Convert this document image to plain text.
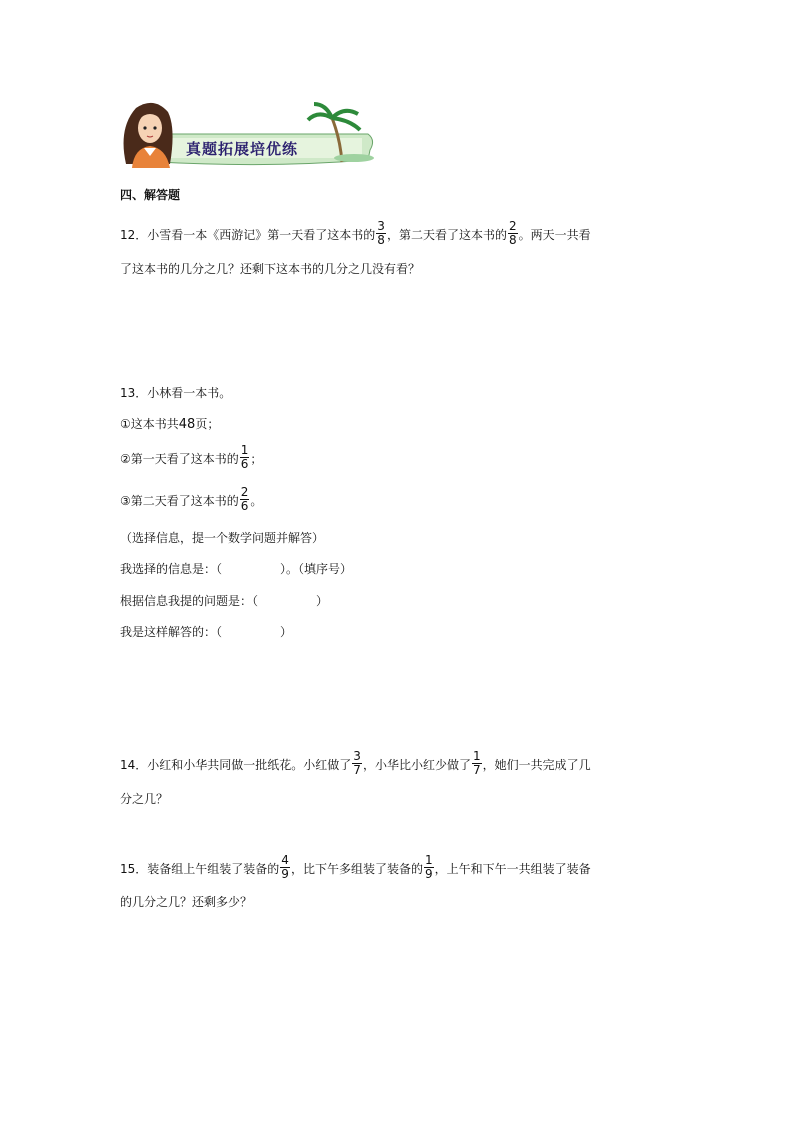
真题拓展培优练
四、解答题
12．小雪看一本《西游记》第一天看了这本书的 $\frac{3}{8}$ ，第二天看了这本书的 $\frac{2}{8}$ 。两天一共看
了这本书的几分之几？还剩下这本书的几分之几没有看？
13．小林看一本书。
①这本书共48页；
②第一天看了这本书的 $\frac{1}{6}$ ；
③第二天看了这本书的 $\frac{2}{6}$ 。
（选择信息，提一个数学问题并解答）
我选择的信息是：（	）。（填序号）
根据信息我提的问题是：（	）
我是这样解答的：（	）
14．小红和小华共同做一批纸花。小红做了 $\frac{3}{7}$ ，小华比小红少做了 $\frac{1}{7}$ ，她们一共完成了几
分之几？
15．装备组上午组装了装备的 $\frac{4}{9}$ ，比下午多组装了装备的 $\frac{1}{9}$ ，上午和下午一共组装了装备
的几分之几？还剩多少？
